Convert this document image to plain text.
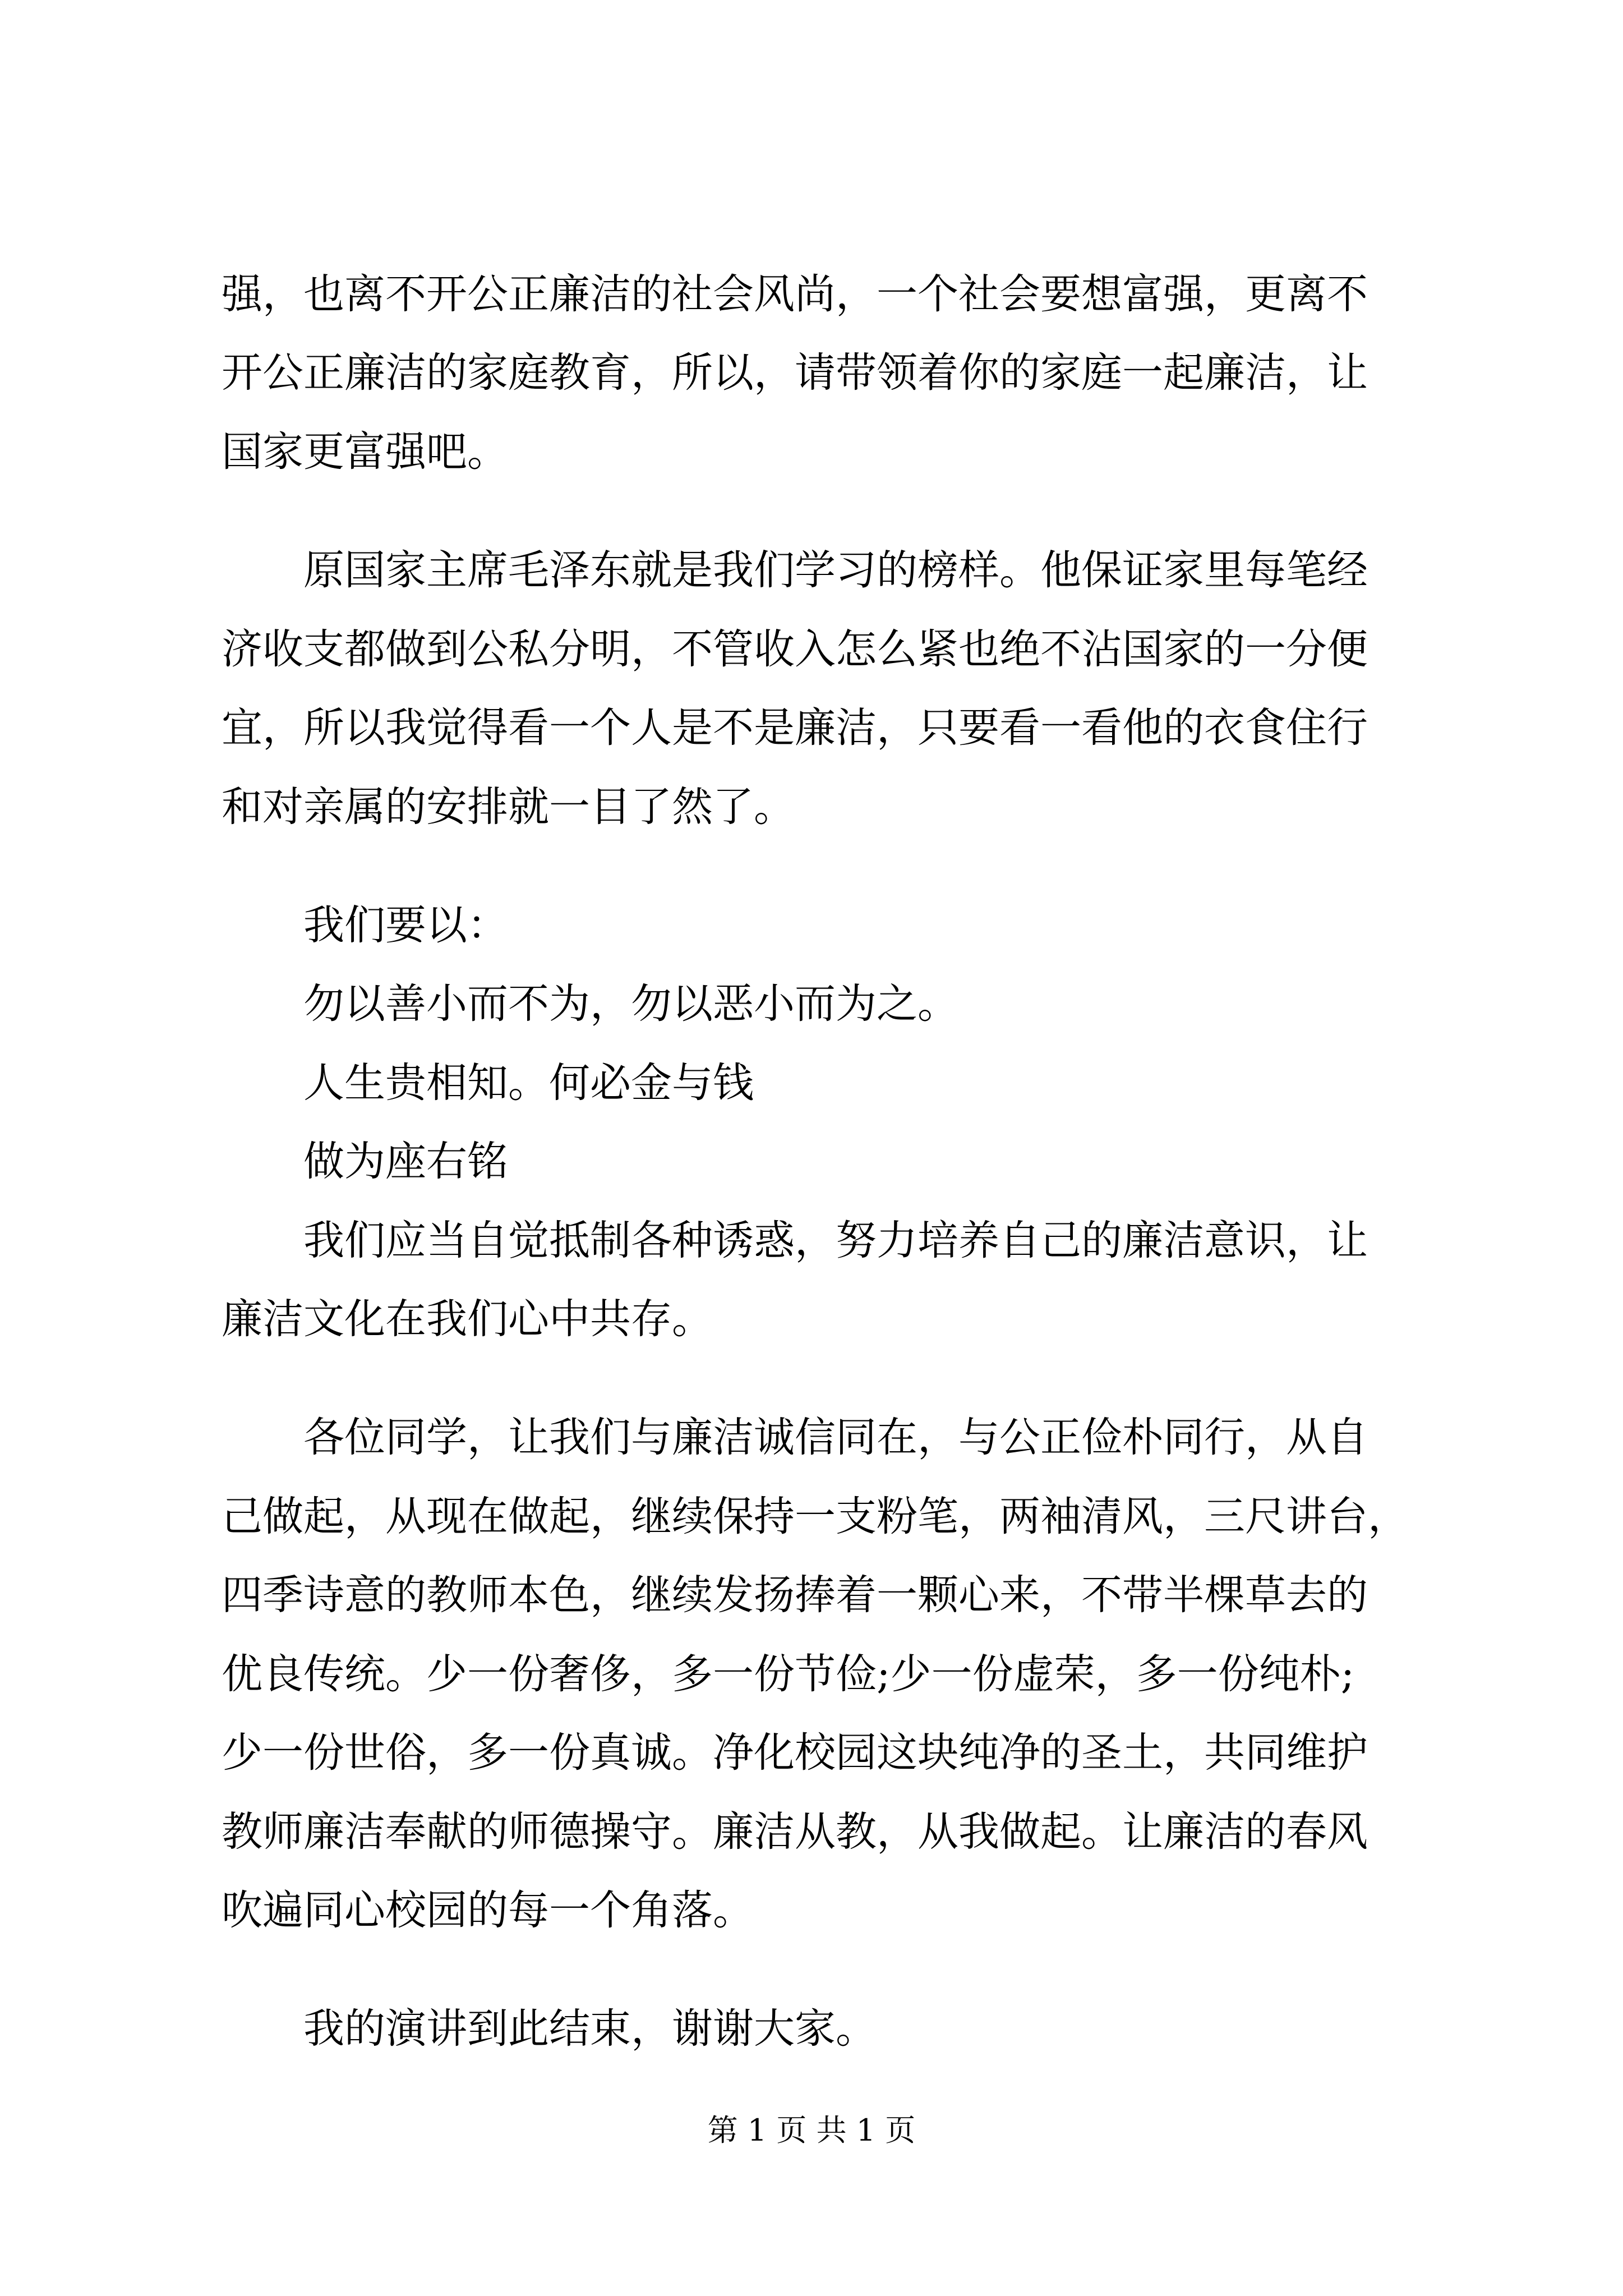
强，也离不开公正廉洁的社会风尚，一个社会要想富强，更离不
开公正廉洁的家庭教育，所以，请带领着你的家庭一起廉洁，让
国家更富强吧。
　　原国家主席毛泽东就是我们学习的榜样。他保证家里每笔经
济收支都做到公私分明，不管收入怎么紧也绝不沾国家的一分便
宜，所以我觉得看一个人是不是廉洁，只要看一看他的衣食住行
和对亲属的安排就一目了然了。
　　我们要以：
　　勿以善小而不为，勿以恶小而为之。
　　人生贵相知。何必金与钱
　　做为座右铭
　　我们应当自觉抵制各种诱惑，努力培养自己的廉洁意识，让
廉洁文化在我们心中共存。
　　各位同学，让我们与廉洁诚信同在，与公正俭朴同行，从自
己做起，从现在做起，继续保持一支粉笔，两袖清风，三尺讲台，
四季诗意的教师本色，继续发扬捧着一颗心来，不带半棵草去的
优良传统。少一份奢侈，多一份节俭;少一份虚荣，多一份纯朴;
少一份世俗，多一份真诚。净化校园这块纯净的圣土，共同维护
教师廉洁奉献的师德操守。廉洁从教，从我做起。让廉洁的春风
吹遍同心校园的每一个角落。
　　我的演讲到此结束，谢谢大家。
第 1 页 共 1 页
